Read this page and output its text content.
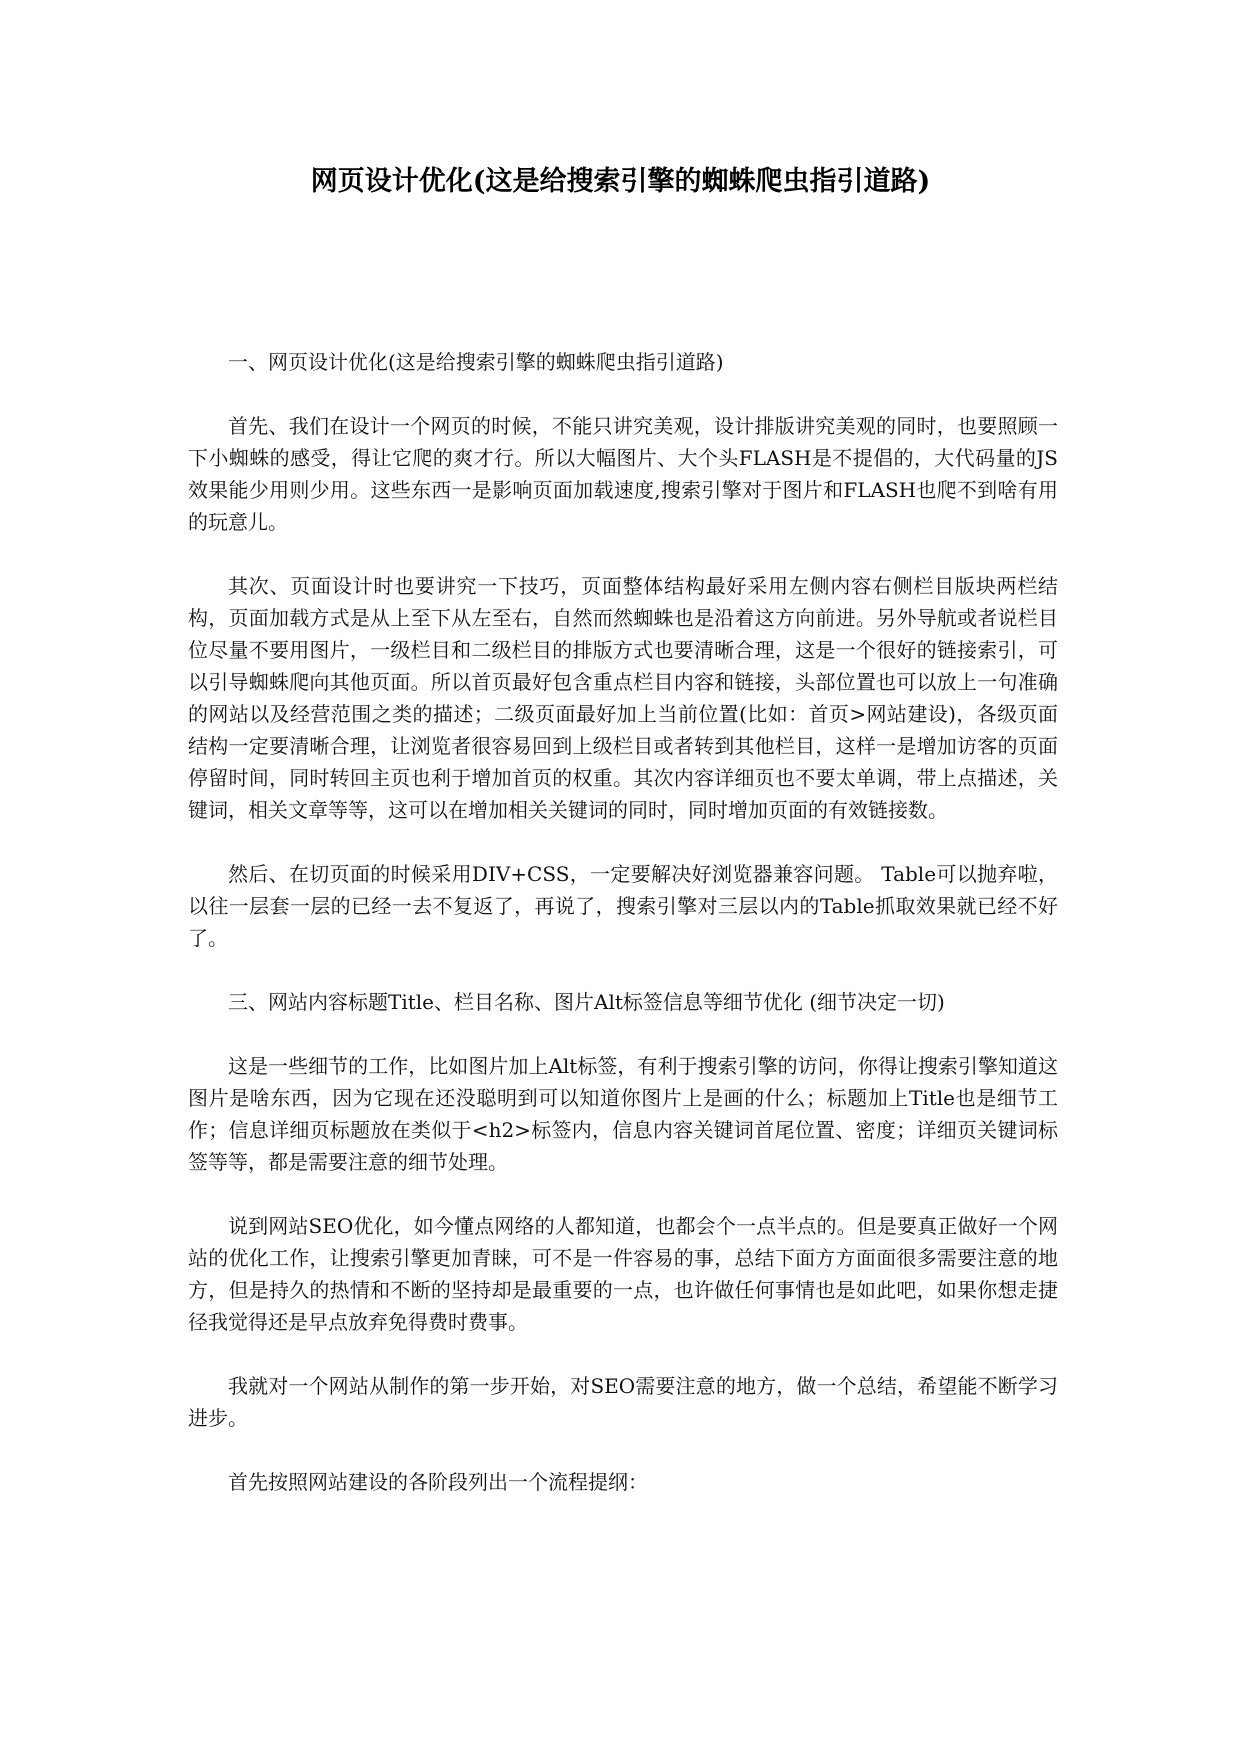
网页设计优化(这是给搜索引擎的蜘蛛爬虫指引道路)

一、网页设计优化(这是给搜索引擎的蜘蛛爬虫指引道路)

首先、我们在设计一个网页的时候，不能只讲究美观，设计排版讲究美观的同时，也要照顾一下小蜘蛛的感受，得让它爬的爽才行。所以大幅图片、大个头FLASH是不提倡的，大代码量的JS效果能少用则少用。这些东西一是影响页面加载速度,搜索引擎对于图片和FLASH也爬不到啥有用的玩意儿。

其次、页面设计时也要讲究一下技巧，页面整体结构最好采用左侧内容右侧栏目版块两栏结构，页面加载方式是从上至下从左至右，自然而然蜘蛛也是沿着这方向前进。另外导航或者说栏目位尽量不要用图片，一级栏目和二级栏目的排版方式也要清晰合理，这是一个很好的链接索引，可以引导蜘蛛爬向其他页面。所以首页最好包含重点栏目内容和链接，头部位置也可以放上一句准确的网站以及经营范围之类的描述；二级页面最好加上当前位置(比如：首页>网站建设)，各级页面结构一定要清晰合理，让浏览者很容易回到上级栏目或者转到其他栏目，这样一是增加访客的页面停留时间，同时转回主页也利于增加首页的权重。其次内容详细页也不要太单调，带上点描述，关键词，相关文章等等，这可以在增加相关关键词的同时，同时增加页面的有效链接数。

然后、在切页面的时候采用DIV+CSS，一定要解决好浏览器兼容问题。 Table可以抛弃啦，以往一层套一层的已经一去不复返了，再说了，搜索引擎对三层以内的Table抓取效果就已经不好了。

三、网站内容标题Title、栏目名称、图片Alt标签信息等细节优化 (细节决定一切)

这是一些细节的工作，比如图片加上Alt标签，有利于搜索引擎的访问，你得让搜索引擎知道这图片是啥东西，因为它现在还没聪明到可以知道你图片上是画的什么；标题加上Title也是细节工作；信息详细页标题放在类似于<h2>标签内，信息内容关键词首尾位置、密度；详细页关键词标签等等，都是需要注意的细节处理。

说到网站SEO优化，如今懂点网络的人都知道，也都会个一点半点的。但是要真正做好一个网站的优化工作，让搜索引擎更加青睐，可不是一件容易的事，总结下面方方面面很多需要注意的地方，但是持久的热情和不断的坚持却是最重要的一点，也许做任何事情也是如此吧，如果你想走捷径我觉得还是早点放弃免得费时费事。

我就对一个网站从制作的第一步开始，对SEO需要注意的地方，做一个总结，希望能不断学习进步。

首先按照网站建设的各阶段列出一个流程提纲：
